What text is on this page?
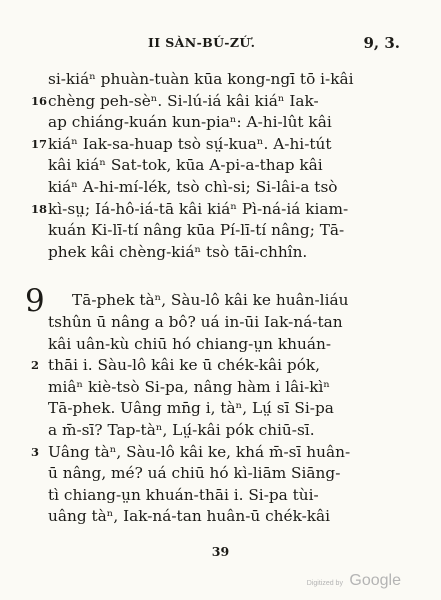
II SÀN-BÚ-ZỨ.	9, 3.
si-kiáⁿ phuàn-tuàn kūa kong-ngī tō i-kâi
16 chèng peh-sèⁿ. Si-lú-iá kâi kiáⁿ Iak-
ap chiáng-kuán kun-piaⁿ: A-hi-lût kâi
17 kiáⁿ Iak-sa-huap tsò sṳ́-kuaⁿ. A-hi-tút
kâi kiáⁿ Sat-tok, kūa A-pi-a-thap kâi
kiáⁿ A-hi-mí-lék, tsò chì-si; Si-lâi-a tsò
18 kì-sṳ; Iá-hô-iá-tā kâi kiáⁿ Pì-ná-iá kiam-
kuán Ki-lī-tí nâng kūa Pí-lī-tí nâng; Tā-
phek kâi chèng-kiáⁿ tsò tāi-chhîn.
9 Tā-phek tàⁿ, Sàu-lô kâi ke huân-liáu
tshûn ū nâng a bô? uá in-ūi Iak-ná-tan
kâi uân-kù chiū hó chiang-ṳn khuán-
2 thāi i. Sàu-lô kâi ke ū chék-kâi pók,
miâⁿ kiè-tsò Si-pa, nâng hàm i lâi-kìⁿ
Tā-phek. Uâng mn̄g i, tàⁿ, Lṳ́ sī Si-pa
a m̄-sī? Tap-tàⁿ, Lṳ́-kâi pók chiū-sī.
3 Uâng tàⁿ, Sàu-lô kâi ke, khá m̄-sī huân-
ū nâng, mé? uá chiū hó kì-liām Siāng-
tì chiang-ṳn khuán-thāi i. Si-pa tùi-
uâng tàⁿ, Iak-ná-tan huân-ū chék-kâi
39
Digitized by Google
